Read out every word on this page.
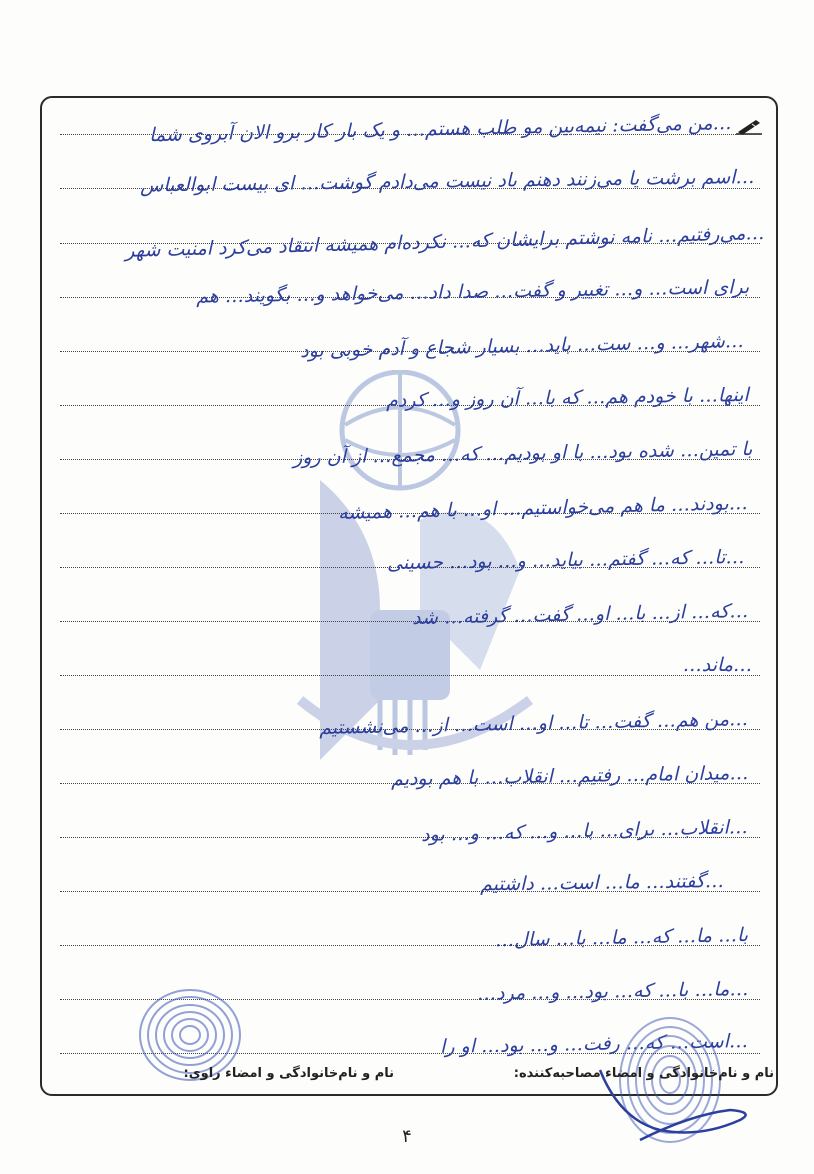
…من می‌گفت: نیمه‌بین مو طلب هستم… و یک بار کار برو الان آبروی شما
…اسم برشت یا می‌زنند دهنم باد نیست می‌دادم گوشت… ای بیست ابوالعباس
…می‌رفتیم… نامه نوشتم برایشان که… نکرده‌ام همیشه انتقاد می‌کرد امنیت شهر
برای است… و… تغییر و گفت… صدا داد… می‌خواهد و… بگویند… هم
…شهر… و… ست… باید… بسیار شجاع و آدم خوبی بود
اینها… با خودم هم… که با… آن روز و… کردم
با تمین… شده بود… با او بودیم… که… مجمع… از آن روز
…بودند… ما هم می‌خواستیم… او… با هم… همیشه
…تا… که… گفتم… بیاید… و… بود… حسینی
…که… از… با… او… گفت… گرفته… شد
…ماند…
…من هم… گفت… تا… او… است… از… می‌نشستیم
…میدان امام… رفتیم… انقلاب… با هم بودیم
…انقلاب… برای… با… و… که… و… بود
…گفتند… ما… است… داشتیم
با… ما… که… ما… با… سال…
…ما… با… که… بود… و… مرد…
…است… که… رفت… و… بود… او را
نام و نام‌خانوادگی و امضاء مصاحبه‌کننده:
نام و نام‌خانوادگی و امضاء راوی:
۴
